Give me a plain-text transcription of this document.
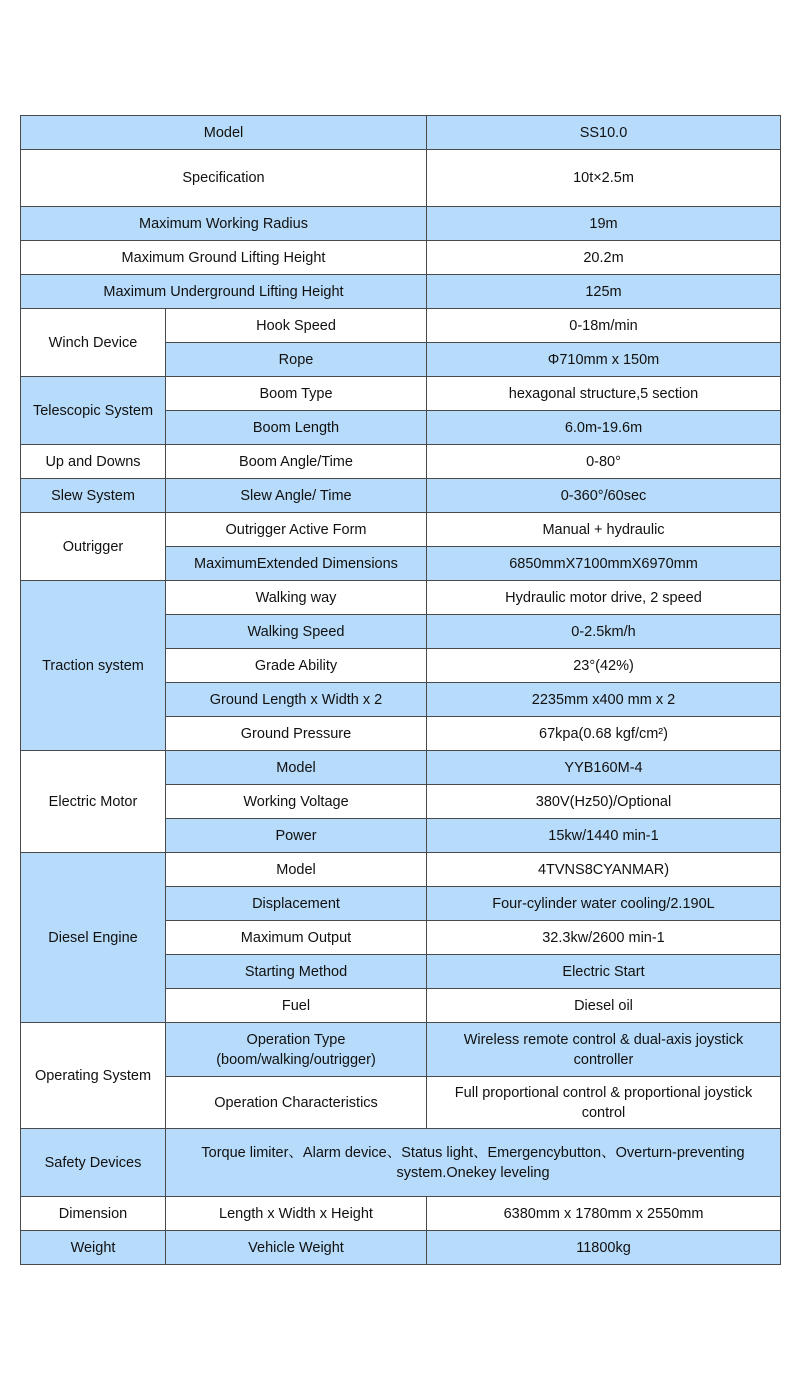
Model		SS10.0
Specification		10t×2.5m
Maximum Working Radius		19m
Maximum Ground Lifting Height		20.2m
Maximum Underground Lifting Height		125m
Winch Device	Hook Speed	0-18m/min
	Rope	Φ710mm x 150m
Telescopic System	Boom Type	hexagonal structure,5 section
	Boom Length	6.0m-19.6m
Up and Downs	Boom Angle/Time	0-80°
Slew System	Slew Angle/ Time	0-360°/60sec
Outrigger	Outrigger Active Form	Manual + hydraulic
	MaximumExtended Dimensions	6850mmX7100mmX6970mm
Traction system	Walking way	Hydraulic motor drive, 2 speed
	Walking Speed	0-2.5km/h
	Grade Ability	23°(42%)
	Ground Length x Width x 2	2235mm x400 mm x 2
	Ground Pressure	67kpa(0.68 kgf/cm²)
Electric Motor	Model	YYB160M-4
	Working Voltage	380V(Hz50)/Optional
	Power	15kw/1440 min-1
Diesel Engine	Model	4TVNS8CYANMAR)
	Displacement	Four-cylinder water cooling/2.190L
	Maximum Output	32.3kw/2600 min-1
	Starting Method	Electric Start
	Fuel	Diesel oil
Operating System	Operation Type (boom/walking/outrigger)	Wireless remote control & dual-axis joystick controller
	Operation Characteristics	Full proportional control & proportional joystick control
Safety Devices	Torque limiter、Alarm device、Status light、Emergencybutton、Overturn-preventing system.Onekey leveling	
Dimension	Length x Width x Height	6380mm x 1780mm x 2550mm
Weight	Vehicle Weight	11800kg
